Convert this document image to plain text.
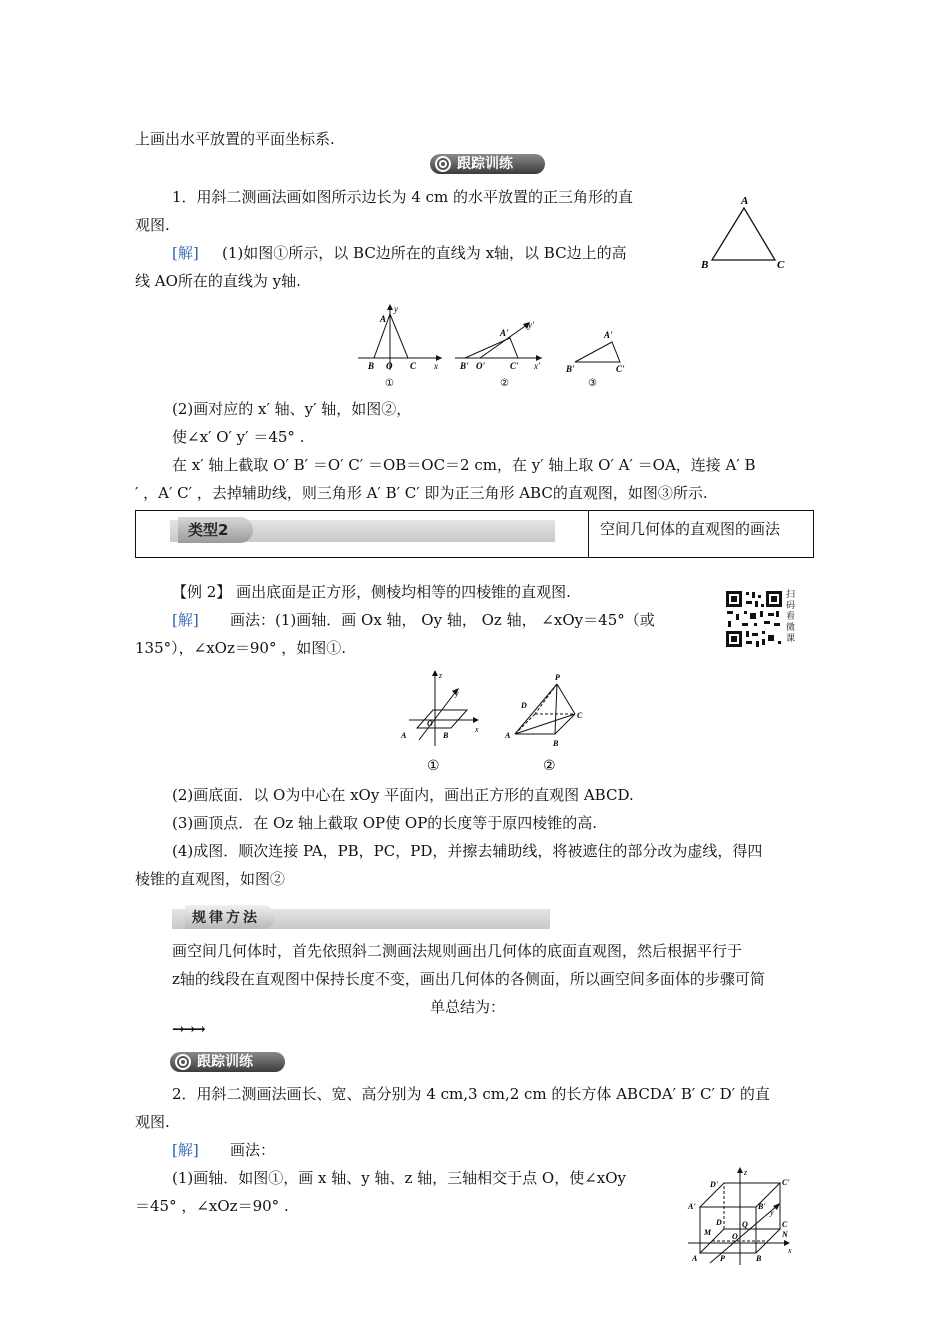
上画出水平放置的平面坐标系.
跟踪训练
1．用斜二测画法画如图所示边长为 4 cm 的水平放置的正三角形的直
观图.
[解] (1)如图①所示，以 BC边所在的直线为 x轴，以 BC边上的高
线 AO所在的直线为 y轴.
A
B	C
y
A
B O C x
①
y'
A'
B' O'	C' x'
②
A'
B'	C'
③
(2)画对应的 x′ 轴、y′ 轴，如图②，
使∠x′ O′ y′ ＝45° .
在 x′ 轴上截取 O′ B′ ＝O′ C′ ＝OB＝OC＝2 cm，在 y′ 轴上取 O′ A′ ＝OA，连接 A′ B
′ ，A′ C′ ，去掉辅助线，则三角形 A′ B′ C′ 即为正三角形 ABC的直观图，如图③所示.
类型2	空间几何体的直观图的画法
【例 2】 画出底面是正方形，侧棱均相等的四棱锥的直观图.	扫码看微课
[解] 画法：(1)画轴．画 Ox 轴， Oy 轴， Oz 轴， ∠xOy＝45°（或
135°），∠xOz＝90° ，如图①.
z
y
O
A	B
x
①
P
D
C
A
B
②
(2)画底面．以 O为中心在 xOy 平面内，画出正方形的直观图 ABCD.
(3)画顶点．在 Oz 轴上截取 OP使 OP的长度等于原四棱锥的高.
(4)成图．顺次连接 PA，PB，PC，PD，并擦去辅助线，将被遮住的部分改为虚线，得四
棱锥的直观图，如图②
规律方法
画空间几何体时，首先依照斜二测画法规则画出几何体的底面直观图，然后根据平行于
z轴的线段在直观图中保持长度不变，画出几何体的各侧面，所以画空间多面体的步骤可简
单总结为：
→→→
跟踪训练
2．用斜二测画法画长、宽、高分别为 4 cm,3 cm,2 cm 的长方体 ABCDA′ B′ C′ D′ 的直
观图.
[解] 画法：
(1)画轴．如图①，画 x 轴、y 轴、z 轴，三轴相交于点 O，使∠xOy
＝45° ，∠xOz＝90° .
z
D'	C'
A'	B'
y
M
Q	C
N
A	P	B
x
O
D
